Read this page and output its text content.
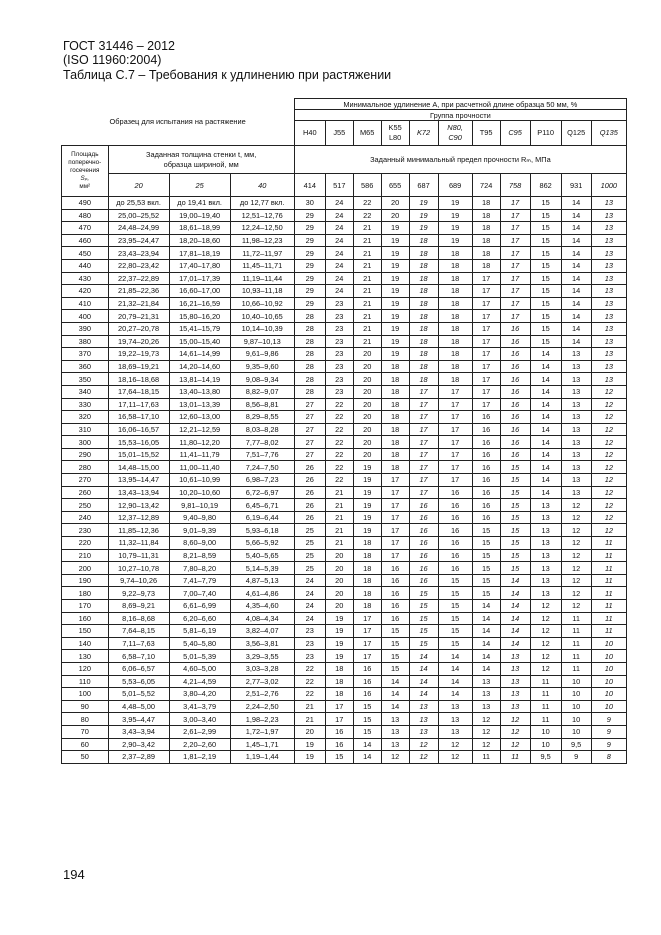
ГОСТ 31446 – 2012
(ISO 11960:2004)
Таблица С.7 – Требования к удлинению при растяжении
Образец для испытания на растяжение				Минимальное удлинение A, при расчетной длине образца 50 мм, %										
				Группа прочности										
				H40	J55	M65	K55
L80	K72	N80,
C90	T95	C95	P110	Q125	Q135
Площадь
поперечно-
госечения
Sₚ,
мм²	Заданная толщина стенки t, мм,
образца шириной, мм			Заданный минимальный предел прочности Rₘ, МПа										
	20	25	40	414	517	586	655	687	689	724	758	862	931	1000
490	до 25,53 вкл.	до 19,41 вкл.	до 12,77 вкл.	30	24	22	20	19	19	18	17	15	14	13
480	25,00–25,52	19,00–19,40	12,51–12,76	29	24	22	20	19	19	18	17	15	14	13
470	24,48–24,99	18,61–18,99	12,24–12,50	29	24	21	19	19	19	18	17	15	14	13
460	23,95–24,47	18,20–18,60	11,98–12,23	29	24	21	19	18	19	18	17	15	14	13
450	23,43–23,94	17,81–18,19	11,72–11,97	29	24	21	19	18	18	18	17	15	14	13
440	22,80–23,42	17,40–17,80	11,45–11,71	29	24	21	19	18	18	18	17	15	14	13
430	22,37–22,89	17,01–17,39	11,19–11,44	29	24	21	19	18	18	17	17	15	14	13
420	21,85–22,36	16,60–17,00	10,93–11,18	29	24	21	19	18	18	17	17	15	14	13
410	21,32–21,84	16,21–16,59	10,66–10,92	29	23	21	19	18	18	17	17	15	14	13
400	20,79–21,31	15,80–16,20	10,40–10,65	28	23	21	19	18	18	17	17	15	14	13
390	20,27–20,78	15,41–15,79	10,14–10,39	28	23	21	19	18	18	17	16	15	14	13
380	19,74–20,26	15,00–15,40	9,87–10,13	28	23	21	19	18	18	17	16	15	14	13
370	19,22–19,73	14,61–14,99	9,61–9,86	28	23	20	19	18	18	17	16	14	13	13
360	18,69–19,21	14,20–14,60	9,35–9,60	28	23	20	18	18	18	17	16	14	13	13
350	18,16–18,68	13,81–14,19	9,08–9,34	28	23	20	18	18	18	17	16	14	13	13
340	17,64–18,15	13,40–13,80	8,82–9,07	28	23	20	18	17	17	17	16	14	13	12
330	17,11–17,63	13,01–13,39	8,56–8,81	27	22	20	18	17	17	17	16	14	13	12
320	16,58–17,10	12,60–13,00	8,29–8,55	27	22	20	18	17	17	16	16	14	13	12
310	16,06–16,57	12,21–12,59	8,03–8,28	27	22	20	18	17	17	16	16	14	13	12
300	15,53–16,05	11,80–12,20	7,77–8,02	27	22	20	18	17	17	16	16	14	13	12
290	15,01–15,52	11,41–11,79	7,51–7,76	27	22	20	18	17	17	16	16	14	13	12
280	14,48–15,00	11,00–11,40	7,24–7,50	26	22	19	18	17	17	16	15	14	13	12
270	13,95–14,47	10,61–10,99	6,98–7,23	26	22	19	17	17	17	16	15	14	13	12
260	13,43–13,94	10,20–10,60	6,72–6,97	26	21	19	17	17	16	16	15	14	13	12
250	12,90–13,42	9,81–10,19	6,45–6,71	26	21	19	17	16	16	16	15	13	12	12
240	12,37–12,89	9,40–9,80	6,19–6,44	26	21	19	17	16	16	16	15	13	12	12
230	11,85–12,36	9,01–9,39	5,93–6,18	25	21	19	17	16	16	15	15	13	12	12
220	11,32–11,84	8,60–9,00	5,66–5,92	25	21	18	17	16	16	15	15	13	12	11
210	10,79–11,31	8,21–8,59	5,40–5,65	25	20	18	17	16	16	15	15	13	12	11
200	10,27–10,78	7,80–8,20	5,14–5,39	25	20	18	16	16	16	15	15	13	12	11
190	9,74–10,26	7,41–7,79	4,87–5,13	24	20	18	16	16	15	15	14	13	12	11
180	9,22–9,73	7,00–7,40	4,61–4,86	24	20	18	16	15	15	15	14	13	12	11
170	8,69–9,21	6,61–6,99	4,35–4,60	24	20	18	16	15	15	14	14	12	12	11
160	8,16–8,68	6,20–6,60	4,08–4,34	24	19	17	16	15	15	14	14	12	11	11
150	7,64–8,15	5,81–6,19	3,82–4,07	23	19	17	15	15	15	14	14	12	11	11
140	7,11–7,63	5,40–5,80	3,56–3,81	23	19	17	15	15	15	14	14	12	11	10
130	6,58–7,10	5,01–5,39	3,29–3,55	23	19	17	15	14	14	14	13	12	11	10
120	6,06–6,57	4,60–5,00	3,03–3,28	22	18	16	15	14	14	14	13	12	11	10
110	5,53–6,05	4,21–4,59	2,77–3,02	22	18	16	14	14	14	13	13	11	10	10
100	5,01–5,52	3,80–4,20	2,51–2,76	22	18	16	14	14	14	13	13	11	10	10
90	4,48–5,00	3,41–3,79	2,24–2,50	21	17	15	14	13	13	13	13	11	10	10
80	3,95–4,47	3,00–3,40	1,98–2,23	21	17	15	13	13	13	12	12	11	10	9
70	3,43–3,94	2,61–2,99	1,72–1,97	20	16	15	13	13	13	12	12	10	10	9
60	2,90–3,42	2,20–2,60	1,45–1,71	19	16	14	13	12	12	12	12	10	9,5	9
50	2,37–2,89	1,81–2,19	1,19–1,44	19	15	14	12	12	12	11	11	9,5	9	8
194
